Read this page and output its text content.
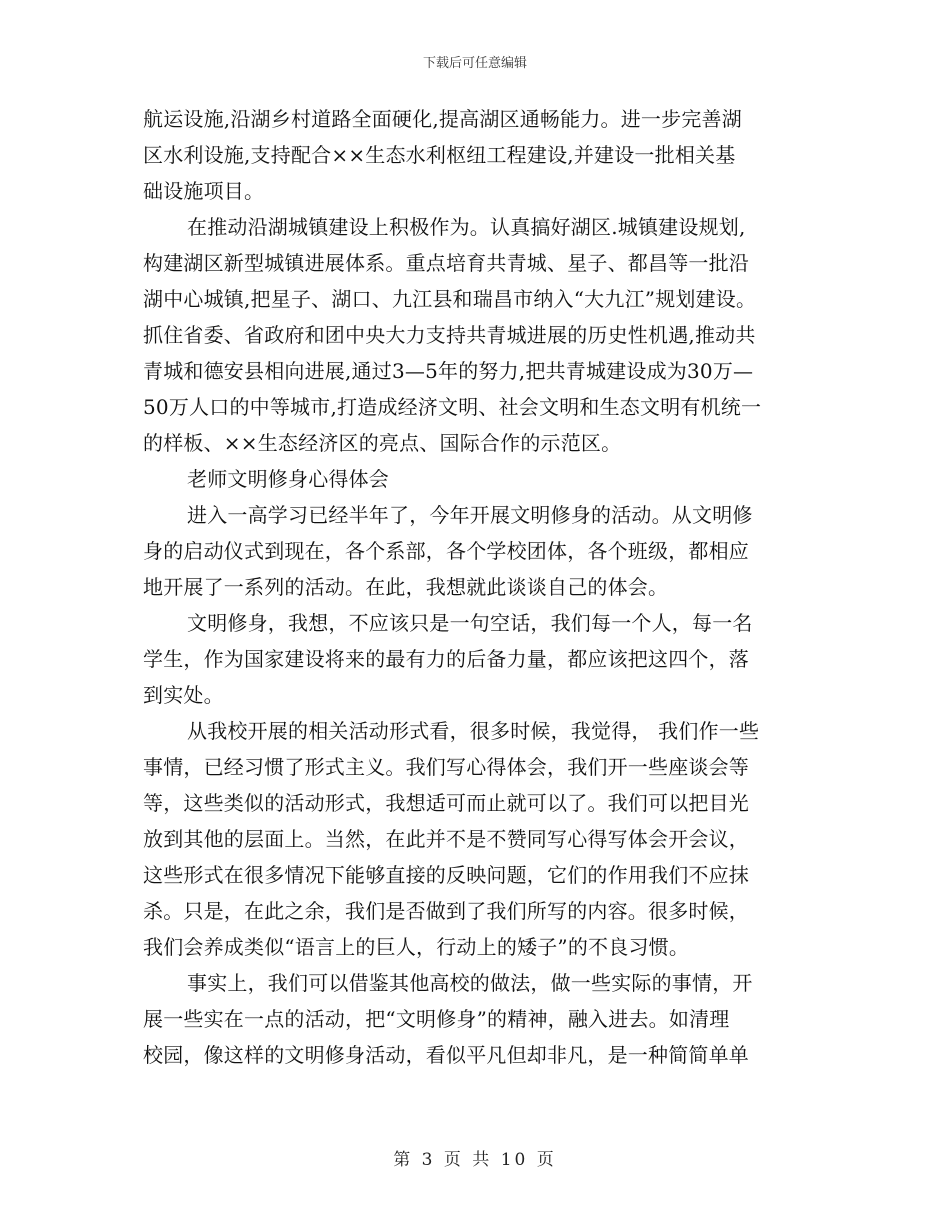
下载后可任意编辑
航运设施,沿湖乡村道路全面硬化,提高湖区通畅能力。进一步完善湖
区水利设施,支持配合××生态水利枢纽工程建设,并建设一批相关基
础设施项目。
在推动沿湖城镇建设上积极作为。认真搞好湖区.城镇建设规划,
构建湖区新型城镇进展体系。重点培育共青城、星子、都昌等一批沿
湖中心城镇,把星子、湖口、九江县和瑞昌市纳入“大九江”规划建设。
抓住省委、省政府和团中央大力支持共青城进展的历史性机遇,推动共
青城和德安县相向进展,通过3—5年的努力,把共青城建设成为30万—
50万人口的中等城市,打造成经济文明、社会文明和生态文明有机统一
的样板、××生态经济区的亮点、国际合作的示范区。
老师文明修身心得体会
进入一高学习已经半年了，今年开展文明修身的活动。从文明修
身的启动仪式到现在，各个系部，各个学校团体，各个班级，都相应
地开展了一系列的活动。在此，我想就此谈谈自己的体会。
文明修身，我想，不应该只是一句空话，我们每一个人，每一名
学生，作为国家建设将来的最有力的后备力量，都应该把这四个，落
到实处。
从我校开展的相关活动形式看，很多时候，我觉得， 我们作一些
事情，已经习惯了形式主义。我们写心得体会，我们开一些座谈会等
等，这些类似的活动形式，我想适可而止就可以了。我们可以把目光
放到其他的层面上。当然，在此并不是不赞同写心得写体会开会议，
这些形式在很多情况下能够直接的反映问题，它们的作用我们不应抹
杀。只是，在此之余，我们是否做到了我们所写的内容。很多时候，
我们会养成类似“语言上的巨人，行动上的矮子”的不良习惯。
事实上，我们可以借鉴其他高校的做法，做一些实际的事情，开
展一些实在一点的活动，把“文明修身”的精神，融入进去。如清理
校园，像这样的文明修身活动，看似平凡但却非凡，是一种简简单单
第 3 页 共 10 页
